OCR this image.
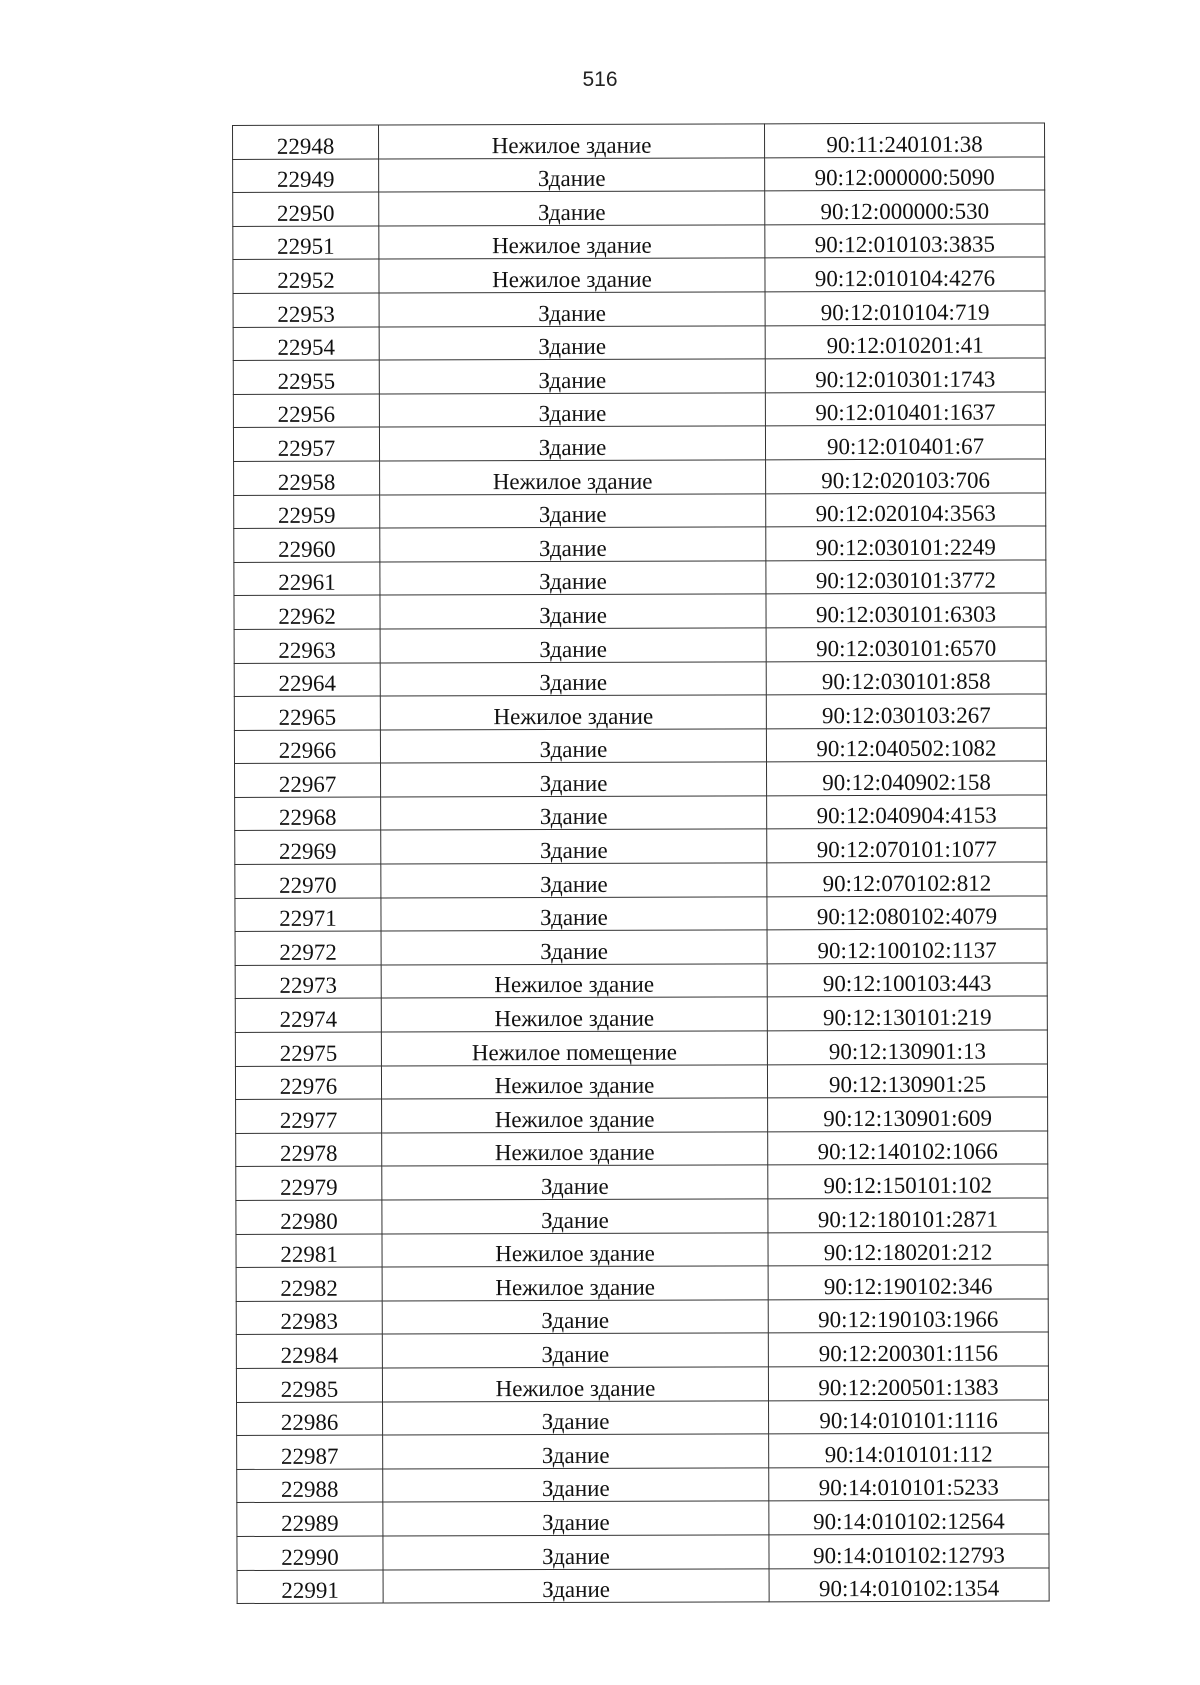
516
22948	Нежилое здание	90:11:240101:38
22949	Здание	90:12:000000:5090
22950	Здание	90:12:000000:530
22951	Нежилое здание	90:12:010103:3835
22952	Нежилое здание	90:12:010104:4276
22953	Здание	90:12:010104:719
22954	Здание	90:12:010201:41
22955	Здание	90:12:010301:1743
22956	Здание	90:12:010401:1637
22957	Здание	90:12:010401:67
22958	Нежилое здание	90:12:020103:706
22959	Здание	90:12:020104:3563
22960	Здание	90:12:030101:2249
22961	Здание	90:12:030101:3772
22962	Здание	90:12:030101:6303
22963	Здание	90:12:030101:6570
22964	Здание	90:12:030101:858
22965	Нежилое здание	90:12:030103:267
22966	Здание	90:12:040502:1082
22967	Здание	90:12:040902:158
22968	Здание	90:12:040904:4153
22969	Здание	90:12:070101:1077
22970	Здание	90:12:070102:812
22971	Здание	90:12:080102:4079
22972	Здание	90:12:100102:1137
22973	Нежилое здание	90:12:100103:443
22974	Нежилое здание	90:12:130101:219
22975	Нежилое помещение	90:12:130901:13
22976	Нежилое здание	90:12:130901:25
22977	Нежилое здание	90:12:130901:609
22978	Нежилое здание	90:12:140102:1066
22979	Здание	90:12:150101:102
22980	Здание	90:12:180101:2871
22981	Нежилое здание	90:12:180201:212
22982	Нежилое здание	90:12:190102:346
22983	Здание	90:12:190103:1966
22984	Здание	90:12:200301:1156
22985	Нежилое здание	90:12:200501:1383
22986	Здание	90:14:010101:1116
22987	Здание	90:14:010101:112
22988	Здание	90:14:010101:5233
22989	Здание	90:14:010102:12564
22990	Здание	90:14:010102:12793
22991	Здание	90:14:010102:1354
